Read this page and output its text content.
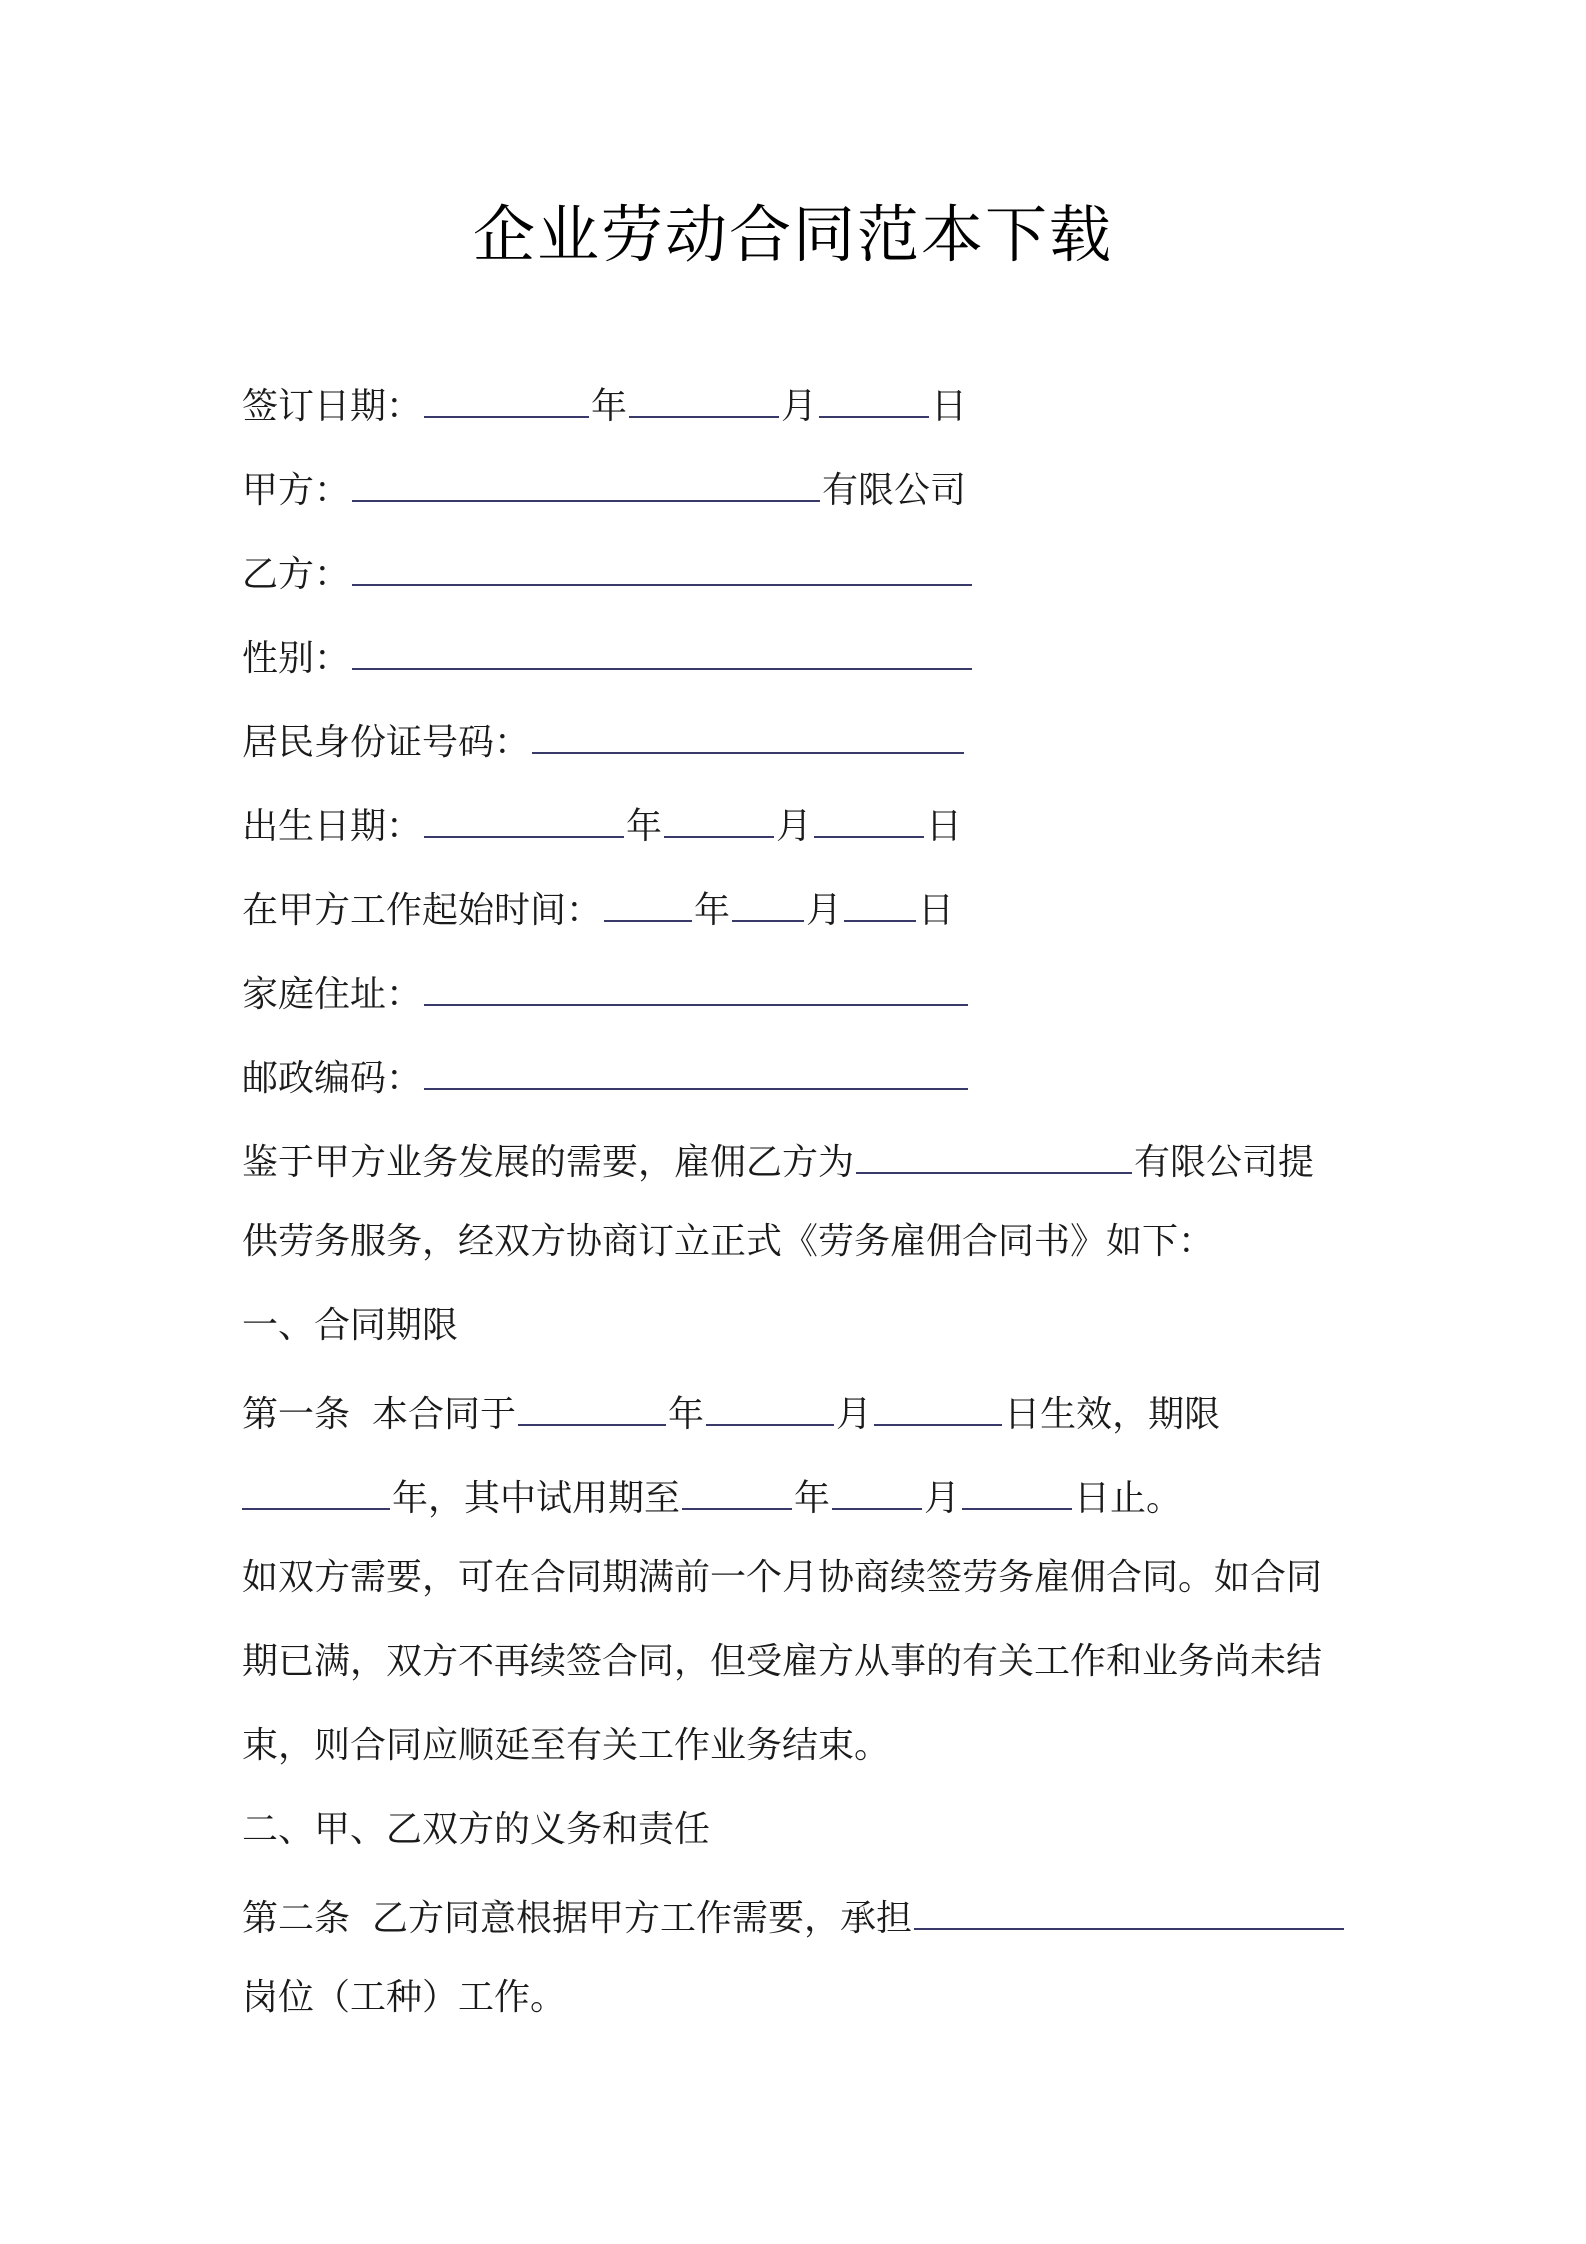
企业劳动合同范本下载
签订日期：	年	月	日
甲方：	有限公司
乙方：
性别：
居民身份证号码：
出生日期：	年	月	日
在甲方工作起始时间：	年 月 日
家庭住址：
邮政编码：
鉴于甲方业务发展的需要，雇佣乙方为	有限公司提
供劳务服务，经双方协商订立正式《劳务雇佣合同书》如下：
一、合同期限
第一条 本合同于	年	月	日生效，期限
年，其中试用期至	年	月	日止。
如双方需要，可在合同期满前一个月协商续签劳务雇佣合同。如合同
期已满，双方不再续签合同，但受雇方从事的有关工作和业务尚未结
束，则合同应顺延至有关工作业务结束。
二、甲、乙双方的义务和责任
第二条 乙方同意根据甲方工作需要，承担
岗位（工种）工作。
